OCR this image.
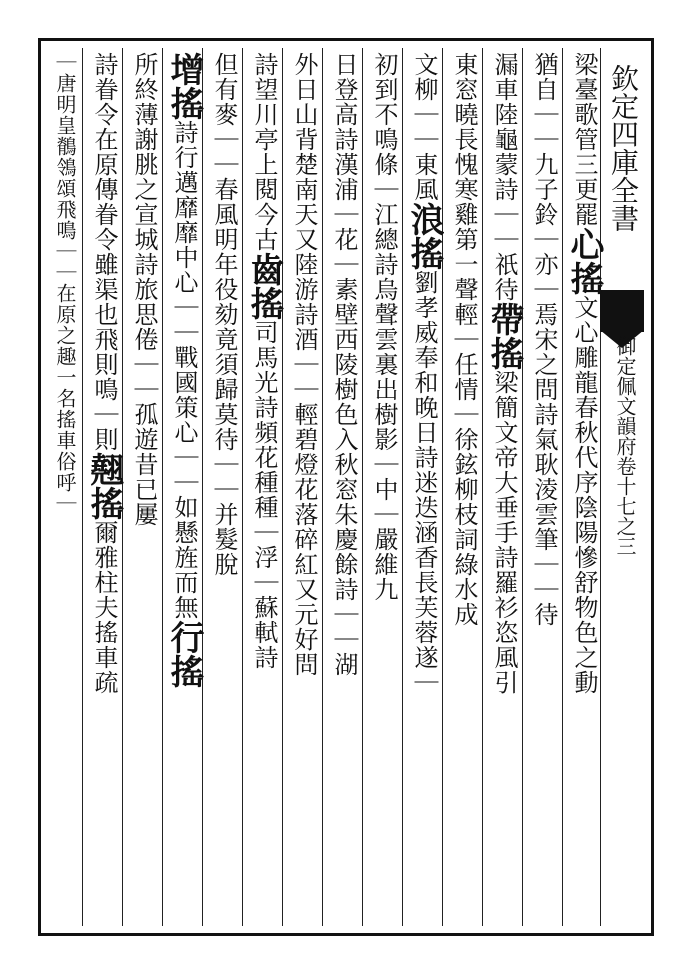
欽定四庫全書
御定佩文韻府卷十七之三
梁臺歌管三更罷心搖文心雕龍春秋代序陰陽慘舒物色之動
猶自｜｜九子鈴｜亦｜焉宋之問詩氣耿淩雲筆｜｜待
漏車陸龜蒙詩｜｜祇待帶搖梁簡文帝大垂手詩羅衫恣風引
東窓曉長愧寒雞第一聲輕｜任情｜徐鉉柳枝詞綠水成
文柳｜｜東風浪搖劉孝威奉和晚日詩迷迭涵香長芙蓉遂｜
初到不鳴條｜江總詩烏聲雲裏出樹影｜中｜嚴維九
日登高詩漢浦｜花｜素壁西陵樹色入秋窓朱慶餘詩｜｜湖
外日山背楚南天又陸游詩酒｜｜輕碧燈花落碎紅又元好問
詩望川亭上閱今古齒搖司馬光詩頻花種種｜浮｜蘇軾詩
但有麥｜｜春風明年役劾竟須歸莫待｜｜并髮脫
增搖詩行邁靡靡中心｜｜戰國策心｜｜如懸旌而無行搖
所終薄謝朓之宣城詩旅思倦｜｜孤遊昔已屢
詩眷令在原傳眷令雖渠也飛則鳴｜則翹搖爾雅柱夫搖車疏
｜唐明皇鶺鴒頌飛鳴｜｜在原之趣一名搖車俗呼｜
